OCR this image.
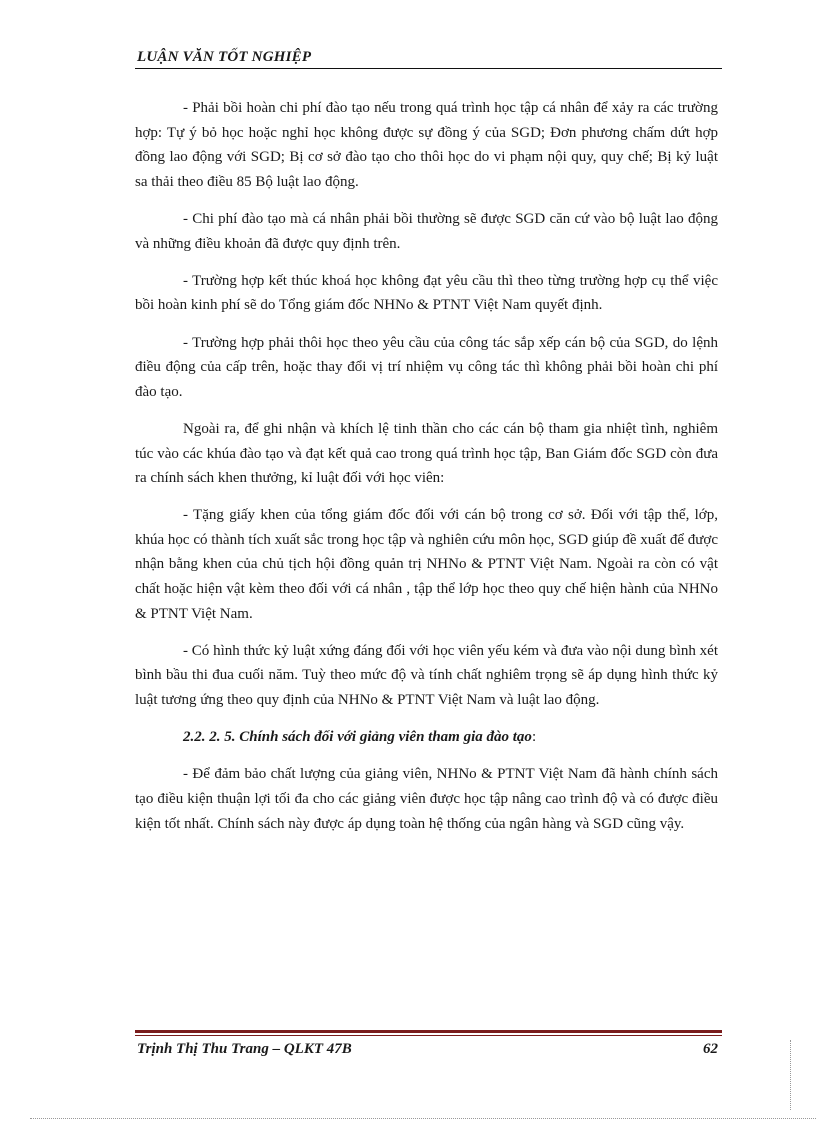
LUẬN VĂN TỐT NGHIỆP

- Phải bồi hoàn chi phí đào tạo nếu trong quá trình học tập cá nhân để xảy ra các trường hợp: Tự ý bỏ học hoặc nghỉ học không được sự đồng ý của SGD; Đơn phương chấm dứt hợp đồng lao động với SGD; Bị cơ sở đào tạo cho thôi học do vi phạm nội quy, quy chế; Bị kỷ luật sa thải theo điều 85 Bộ luật lao động.

- Chi phí đào tạo mà cá nhân phải bồi thường sẽ được SGD căn cứ vào bộ luật lao động và những điều khoản đã được quy định trên.

- Trường hợp kết thúc khoá học không đạt yêu cầu thì theo từng trường hợp cụ thể việc bồi hoàn kinh phí sẽ do Tổng giám đốc NHNo & PTNT Việt Nam quyết định.

- Trường hợp phải thôi học theo yêu cầu của công tác sắp xếp cán bộ của SGD, do lệnh điều động của cấp trên, hoặc thay đổi vị trí nhiệm vụ công tác thì không phải bồi hoàn chi phí đào tạo.

Ngoài ra, để ghi nhận và khích lệ tinh thần cho các cán bộ tham gia nhiệt tình, nghiêm túc vào các khúa đào tạo và đạt kết quả cao trong quá trình học tập, Ban Giám đốc SGD còn đưa ra chính sách khen thưởng, kỉ luật đối với học viên:

- Tặng giấy khen của tổng giám đốc đối với cán bộ trong cơ sở. Đối với tập thể, lớp, khúa học có thành tích xuất sắc trong học tập và nghiên cứu môn học, SGD giúp đề xuất để được nhận bằng khen của chủ tịch hội đồng quản trị NHNo & PTNT Việt Nam. Ngoài ra còn có vật chất hoặc hiện vật kèm theo đối với cá nhân , tập thể lớp học theo quy chế hiện hành của NHNo & PTNT Việt Nam.

- Có hình thức kỷ luật xứng đáng đối với học viên yếu kém và đưa vào nội dung bình xét bình bầu thi đua cuối năm. Tuỳ theo mức độ và tính chất nghiêm trọng sẽ áp dụng hình thức kỷ luật tương ứng theo quy định của NHNo & PTNT Việt Nam và luật lao động.

2.2. 2. 5. Chính sách đối với giảng viên tham gia đào tạo:

- Để đảm bảo chất lượng của giảng viên, NHNo & PTNT Việt Nam đã hành chính sách tạo điều kiện thuận lợi tối đa cho các giảng viên được học tập nâng cao trình độ và có được điều kiện tốt nhất. Chính sách này được áp dụng toàn hệ thống của ngân hàng và SGD cũng vậy.

Trịnh Thị Thu Trang – QLKT 47B	62
